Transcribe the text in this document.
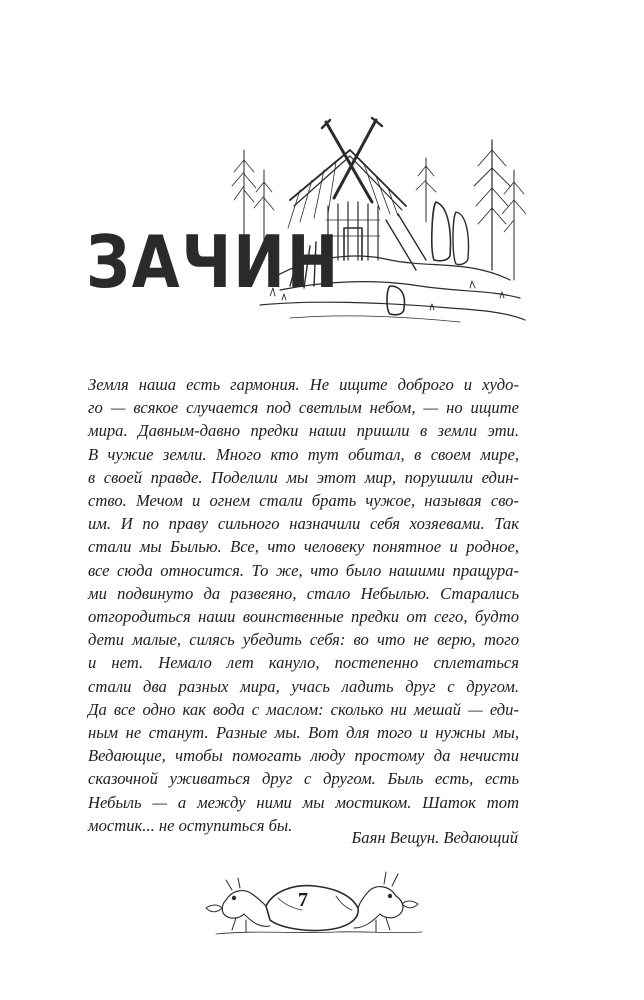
ЗАЧИН
Земля наша есть гармония. Не ищите доброго и худо-
го — всякое случается под светлым небом, — но ищите
мира. Давным-давно предки наши пришли в земли эти.
В чужие земли. Много кто тут обитал, в своем мире,
в своей правде. Поделили мы этот мир, порушили един-
ство. Мечом и огнем стали брать чужое, называя сво-
им. И по праву сильного назначили себя хозяевами. Так
стали мы Былью. Все, что человеку понятное и родное,
все сюда относится. То же, что было нашими пращура-
ми подвинуто да развеяно, стало Небылью. Старались
отгородиться наши воинственные предки от сего, будто
дети малые, силясь убедить себя: во что не верю, того
и нет. Немало лет кануло, постепенно сплетаться
стали два разных мира, учась ладить друг с другом.
Да все одно как вода с маслом: сколько ни мешай — еди-
ным не станут. Разные мы. Вот для того и нужны мы,
Ведающие, чтобы помогать люду простому да нечисти
сказочной уживаться друг с другом. Быль есть, есть
Небыль — а между ними мы мостиком. Шаток тот
мостик... не оступиться бы.

Баян Вещун. Ведающий

7
